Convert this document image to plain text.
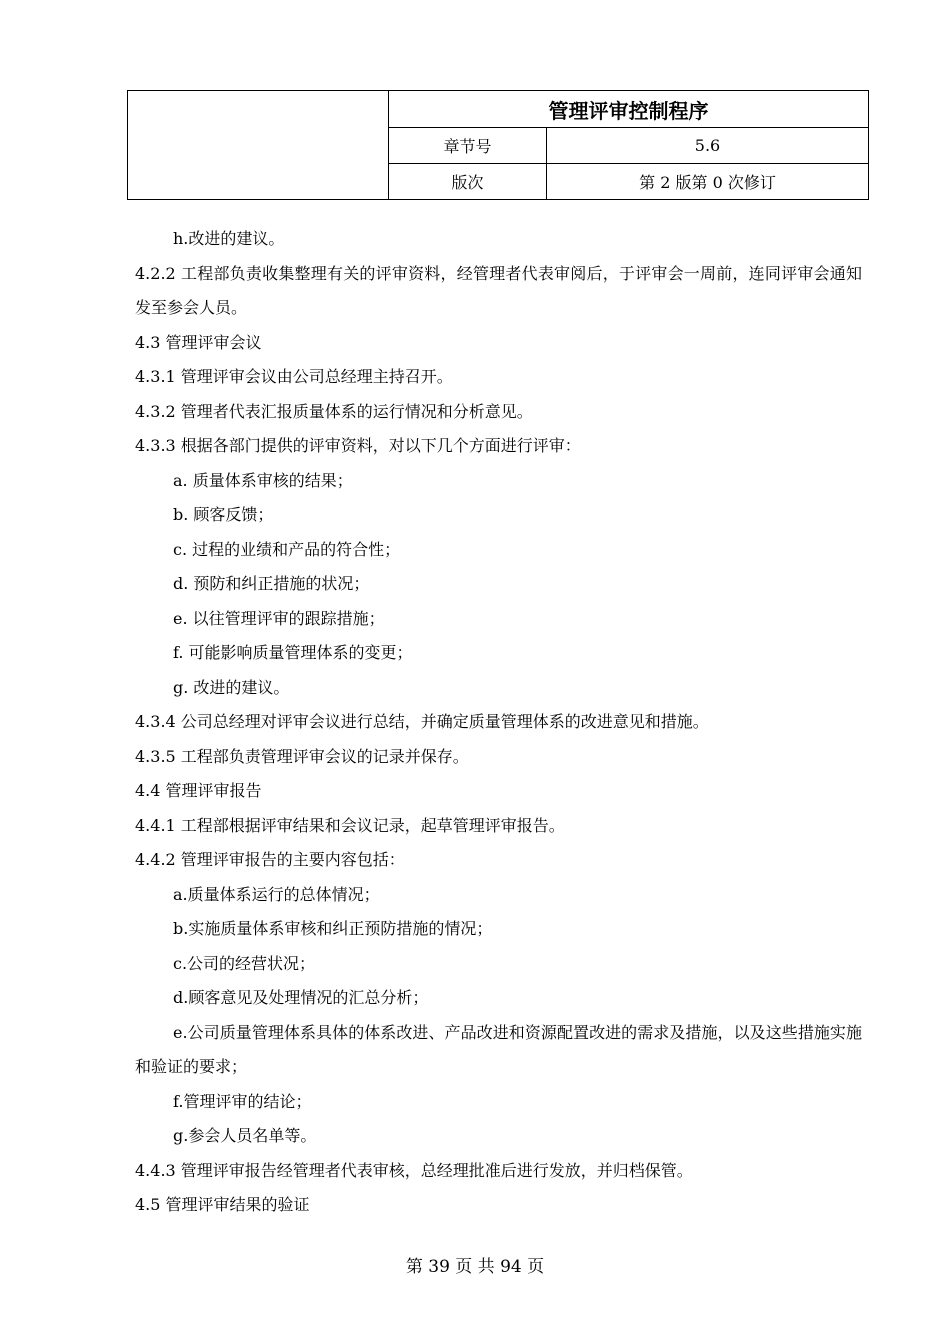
	管理评审控制程序	
	章节号	5.6
	版次	第 2 版第 0 次修订

h.改进的建议。

4.2.2 工程部负责收集整理有关的评审资料，经管理者代表审阅后，于评审会一周前，连同评审会通知发至参会人员。

4.3 管理评审会议

4.3.1 管理评审会议由公司总经理主持召开。

4.3.2 管理者代表汇报质量体系的运行情况和分析意见。

4.3.3 根据各部门提供的评审资料，对以下几个方面进行评审：

a. 质量体系审核的结果；

b. 顾客反馈；

c. 过程的业绩和产品的符合性；

d. 预防和纠正措施的状况；

e. 以往管理评审的跟踪措施；

f. 可能影响质量管理体系的变更；

g. 改进的建议。

4.3.4 公司总经理对评审会议进行总结，并确定质量管理体系的改进意见和措施。

4.3.5 工程部负责管理评审会议的记录并保存。

4.4 管理评审报告

4.4.1 工程部根据评审结果和会议记录，起草管理评审报告。

4.4.2 管理评审报告的主要内容包括：

a.质量体系运行的总体情况；

b.实施质量体系审核和纠正预防措施的情况；

c.公司的经营状况；

d.顾客意见及处理情况的汇总分析；

e.公司质量管理体系具体的体系改进、产品改进和资源配置改进的需求及措施，以及这些措施实施和验证的要求；

f.管理评审的结论；

g.参会人员名单等。

4.4.3 管理评审报告经管理者代表审核，总经理批准后进行发放，并归档保管。

4.5 管理评审结果的验证

第 39 页 共 94 页
